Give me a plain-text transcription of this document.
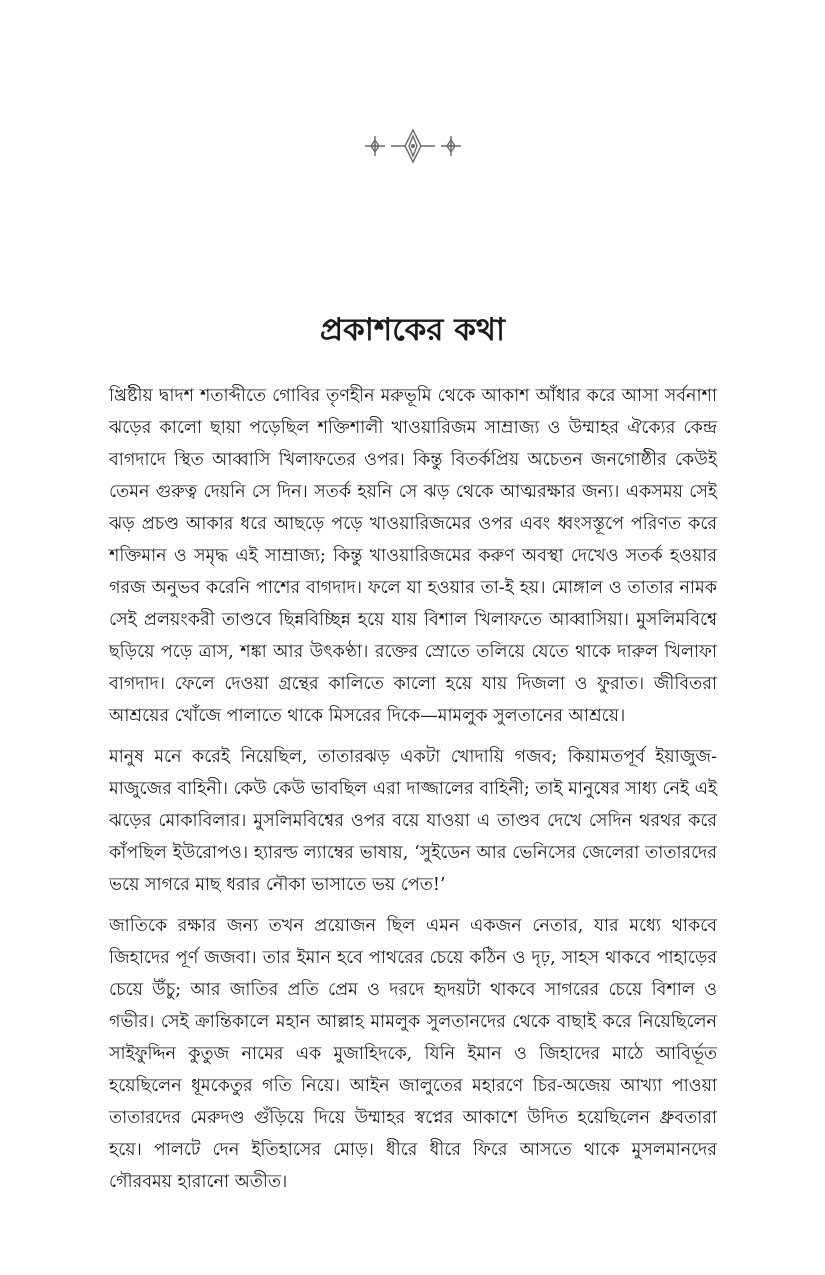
প্রকাশকের কথা

খ্রিষ্টীয় দ্বাদশ শতাব্দীতে গোবির তৃণহীন মরুভূমি থেকে আকাশ আঁধার করে আসা সর্বনাশা ঝড়ের কালো ছায়া পড়েছিল শক্তিশালী খাওয়ারিজম সাম্রাজ্য ও উম্মাহর ঐক্যের কেন্দ্র বাগদাদে স্থিত আব্বাসি খিলাফতের ওপর। কিন্তু বিতর্কপ্রিয় অচেতন জনগোষ্ঠীর কেউই তেমন গুরুত্ব দেয়নি সে দিন। সতর্ক হয়নি সে ঝড় থেকে আত্মরক্ষার জন্য। একসময় সেই ঝড় প্রচণ্ড আকার ধরে আছড়ে পড়ে খাওয়ারিজমের ওপর এবং ধ্বংসস্তূপে পরিণত করে শক্তিমান ও সমৃদ্ধ এই সাম্রাজ্য; কিন্তু খাওয়ারিজমের করুণ অবস্থা দেখেও সতর্ক হওয়ার গরজ অনুভব করেনি পাশের বাগদাদ। ফলে যা হওয়ার তা-ই হয়। মোঙ্গাল ও তাতার নামক সেই প্রলয়ংকরী তাণ্ডবে ছিন্নবিচ্ছিন্ন হয়ে যায় বিশাল খিলাফতে আব্বাসিয়া। মুসলিমবিশ্বে ছড়িয়ে পড়ে ত্রাস, শঙ্কা আর উৎকণ্ঠা। রক্তের স্রোতে তলিয়ে যেতে থাকে দারুল খিলাফা বাগদাদ। ফেলে দেওয়া গ্রন্থের কালিতে কালো হয়ে যায় দিজলা ও ফুরাত। জীবিতরা আশ্রয়ের খোঁজে পালাতে থাকে মিসরের দিকে—মামলুক সুলতানের আশ্রয়ে।

মানুষ মনে করেই নিয়েছিল, তাতারঝড় একটা খোদায়ি গজব; কিয়ামতপূর্ব ইয়াজুজ-মাজুজের বাহিনী। কেউ কেউ ভাবছিল এরা দাজ্জালের বাহিনী; তাই মানুষের সাধ্য নেই এই ঝড়ের মোকাবিলার। মুসলিমবিশ্বের ওপর বয়ে যাওয়া এ তাণ্ডব দেখে সেদিন থরথর করে কাঁপছিল ইউরোপও। হ্যারল্ড ল্যাম্বের ভাষায়, ‘সুইডেন আর ভেনিসের জেলেরা তাতারদের ভয়ে সাগরে মাছ ধরার নৌকা ভাসাতে ভয় পেত!’

জাতিকে রক্ষার জন্য তখন প্রয়োজন ছিল এমন একজন নেতার, যার মধ্যে থাকবে জিহাদের পূর্ণ জজবা। তার ইমান হবে পাথরের চেয়ে কঠিন ও দৃঢ়, সাহস থাকবে পাহাড়ের চেয়ে উঁচু; আর জাতির প্রতি প্রেম ও দরদে হৃদয়টা থাকবে সাগরের চেয়ে বিশাল ও গভীর। সেই ক্রান্তিকালে মহান আল্লাহ মামলুক সুলতানদের থেকে বাছাই করে নিয়েছিলেন সাইফুদ্দিন কুতুজ নামের এক মুজাহিদকে, যিনি ইমান ও জিহাদের মাঠে আবির্ভূত হয়েছিলেন ধূমকেতুর গতি নিয়ে। আইন জালুতের মহারণে চির-অজেয় আখ্যা পাওয়া তাতারদের মেরুদণ্ড গুঁড়িয়ে দিয়ে উম্মাহর স্বপ্নের আকাশে উদিত হয়েছিলেন ধ্রুবতারা হয়ে। পালটে দেন ইতিহাসের মোড়। ধীরে ধীরে ফিরে আসতে থাকে মুসলমানদের গৌরবময় হারানো অতীত।
